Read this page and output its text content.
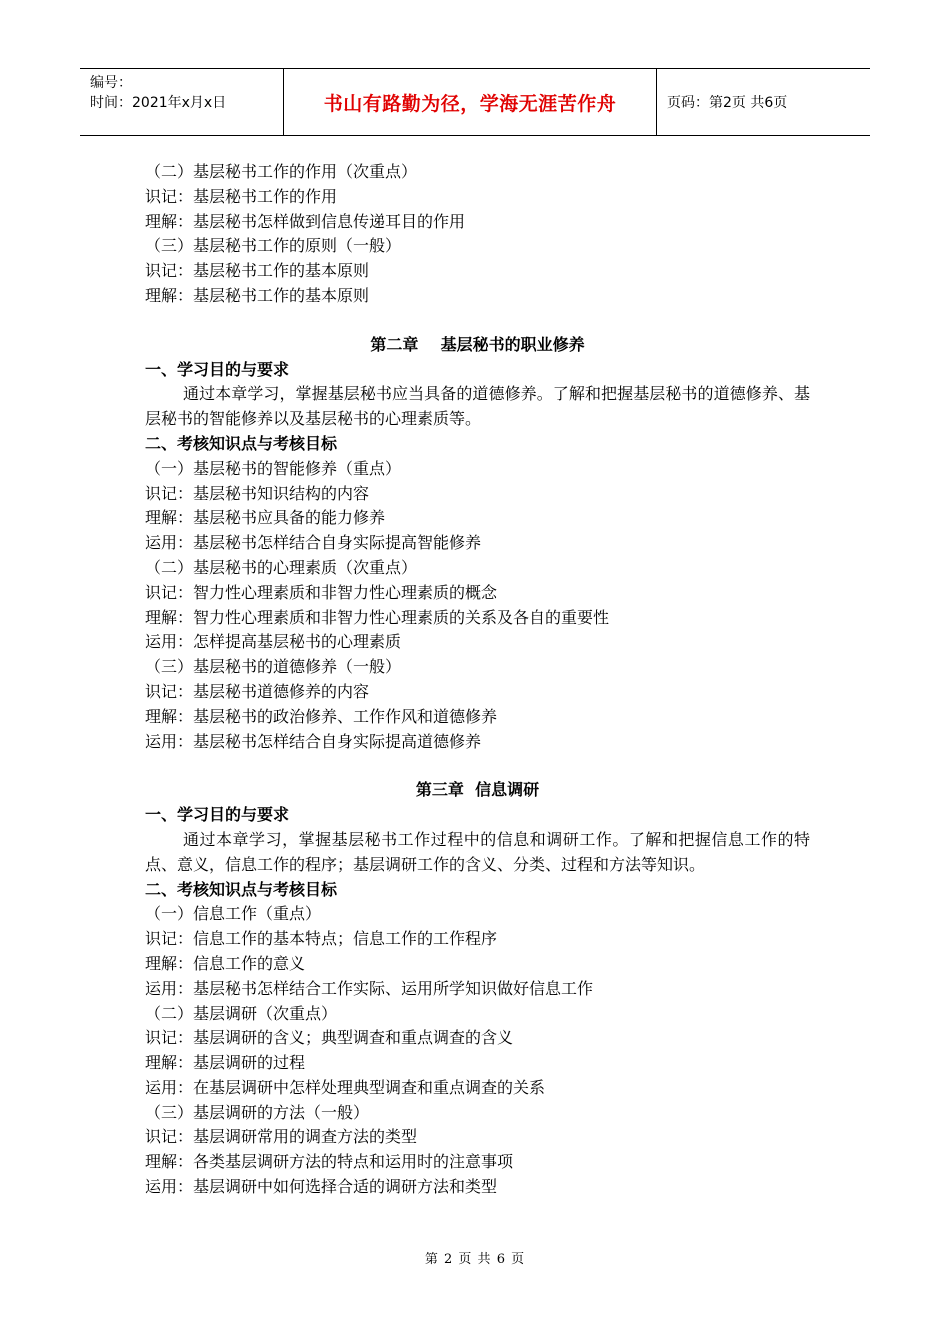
编号：
时间：2021年x月x日	书山有路勤为径，学海无涯苦作舟	页码：第2页 共6页
（二）基层秘书工作的作用（次重点）
识记：基层秘书工作的作用
理解：基层秘书怎样做到信息传递耳目的作用
（三）基层秘书工作的原则（一般）
识记：基层秘书工作的基本原则
理解：基层秘书工作的基本原则
第二章    基层秘书的职业修养
一、学习目的与要求
通过本章学习，掌握基层秘书应当具备的道德修养。了解和把握基层秘书的道德修养、基层秘书的智能修养以及基层秘书的心理素质等。
二、考核知识点与考核目标
（一）基层秘书的智能修养（重点）
识记：基层秘书知识结构的内容
理解：基层秘书应具备的能力修养
运用：基层秘书怎样结合自身实际提高智能修养
（二）基层秘书的心理素质（次重点）
识记：智力性心理素质和非智力性心理素质的概念
理解：智力性心理素质和非智力性心理素质的关系及各自的重要性
运用：怎样提高基层秘书的心理素质
（三）基层秘书的道德修养（一般）
识记：基层秘书道德修养的内容
理解：基层秘书的政治修养、工作作风和道德修养
运用：基层秘书怎样结合自身实际提高道德修养
第三章  信息调研
一、学习目的与要求
通过本章学习，掌握基层秘书工作过程中的信息和调研工作。了解和把握信息工作的特点、意义，信息工作的程序；基层调研工作的含义、分类、过程和方法等知识。
二、考核知识点与考核目标
（一）信息工作（重点）
识记：信息工作的基本特点；信息工作的工作程序
理解：信息工作的意义
运用：基层秘书怎样结合工作实际、运用所学知识做好信息工作
（二）基层调研（次重点）
识记：基层调研的含义；典型调查和重点调查的含义
理解：基层调研的过程
运用：在基层调研中怎样处理典型调查和重点调查的关系
（三）基层调研的方法（一般）
识记：基层调研常用的调查方法的类型
理解：各类基层调研方法的特点和运用时的注意事项
运用：基层调研中如何选择合适的调研方法和类型
第 2 页 共 6 页
